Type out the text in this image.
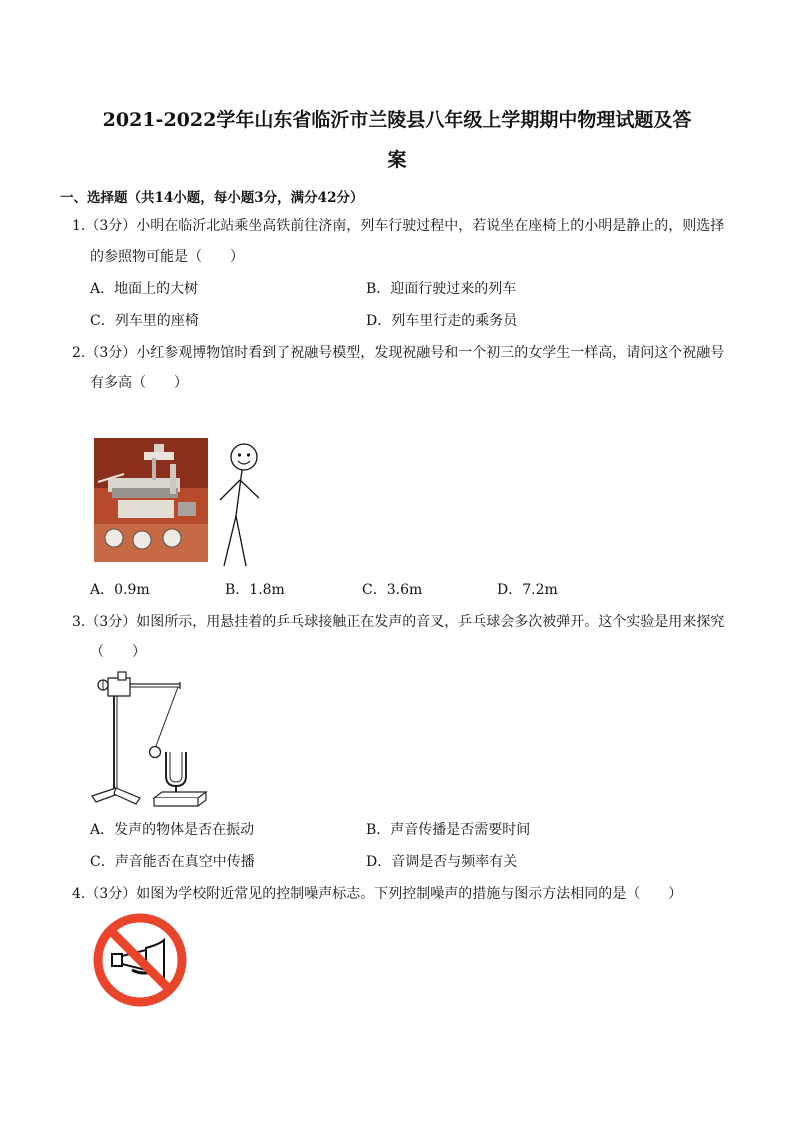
2021-2022学年山东省临沂市兰陵县八年级上学期期中物理试题及答
案
一、选择题（共14小题，每小题3分，满分42分）
1.（3分）小明在临沂北站乘坐高铁前往济南，列车行驶过程中，若说坐在座椅上的小明是静止的，则选择
的参照物可能是（　　）
A．地面上的大树	B．迎面行驶过来的列车
C．列车里的座椅	D．列车里行走的乘务员
2.（3分）小红参观博物馆时看到了祝融号模型，发现祝融号和一个初三的女学生一样高，请问这个祝融号
有多高（　　）
A．0.9m	B．1.8m	C．3.6m	D．7.2m
3.（3分）如图所示，用悬挂着的乒乓球接触正在发声的音叉，乒乓球会多次被弹开。这个实验是用来探究
（　　）
A．发声的物体是否在振动	B．声音传播是否需要时间
C．声音能否在真空中传播	D．音调是否与频率有关
4.（3分）如图为学校附近常见的控制噪声标志。下列控制噪声的措施与图示方法相同的是（　　）
